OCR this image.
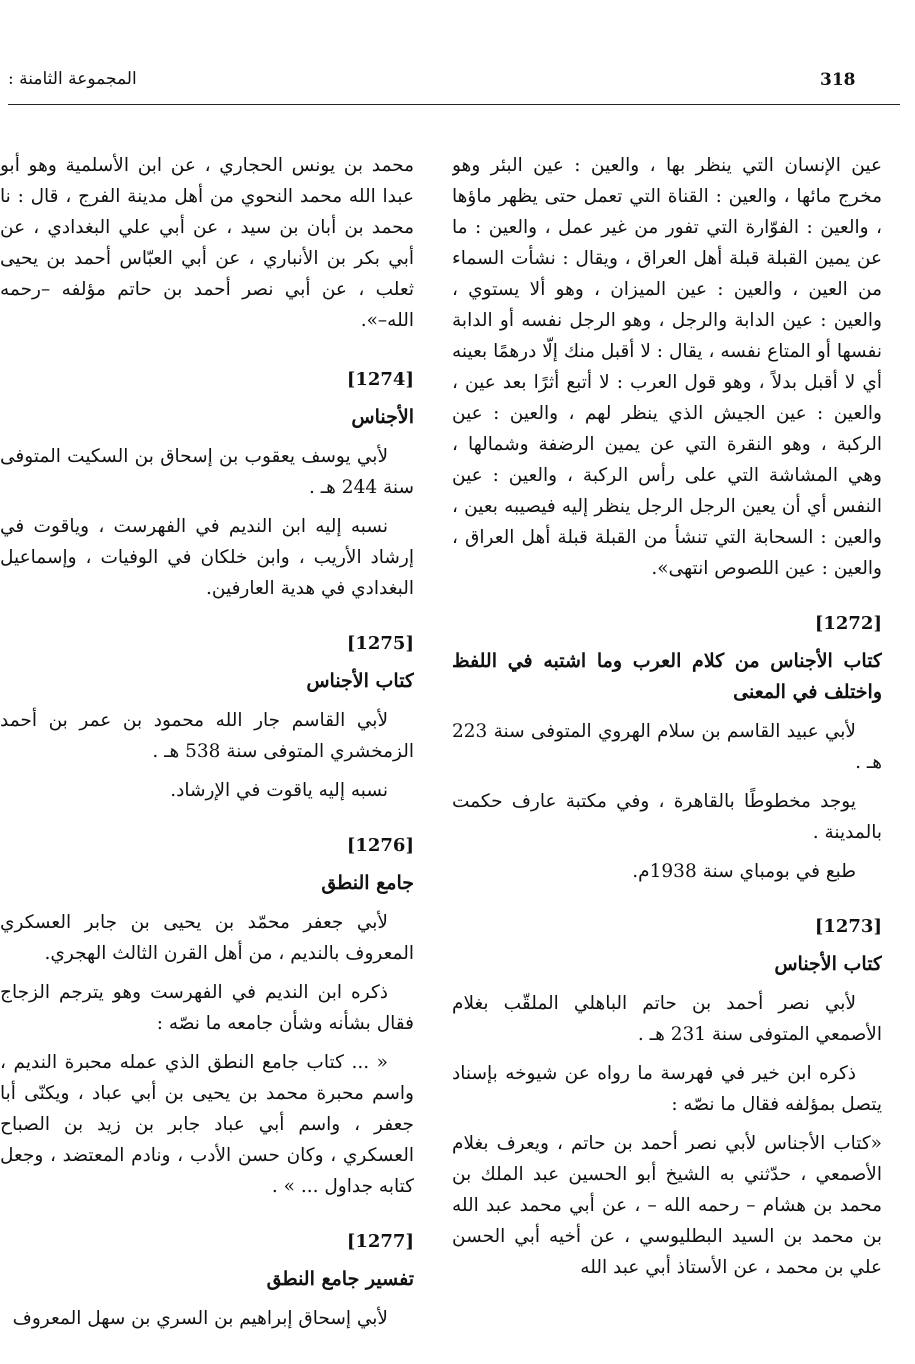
318
المجموعة الثامنة :

عين الإنسان التي ينظر بها ، والعين : عين البئر وهو مخرج مائها ، والعين : القناة التي تعمل حتى يظهر ماؤها ، والعين : الفوّارة التي تفور من غير عمل ، والعين : ما عن يمين القبلة قبلة أهل العراق ، ويقال : نشأت السماء من العين ، والعين : عين الميزان ، وهو ألا يستوي ، والعين : عين الدابة والرجل ، وهو الرجل نفسه أو الدابة نفسها أو المتاع نفسه ، يقال : لا أقبل منك إلّا درهمًا بعينه أي لا أقبل بدلاً ، وهو قول العرب : لا أتبع أثرًا بعد عين ، والعين : عين الجيش الذي ينظر لهم ، والعين : عين الركبة ، وهو النقرة التي عن يمين الرضفة وشمالها ، وهي المشاشة التي على رأس الركبة ، والعين : عين النفس أي أن يعين الرجل الرجل ينظر إليه فيصيبه بعين ، والعين : السحابة التي تنشأ من القبلة قبلة أهل العراق ، والعين : عين اللصوص انتهى».

[1272]

كتاب الأجناس من كلام العرب وما اشتبه في اللفظ واختلف في المعنى

لأبي عبيد القاسم بن سلام الهروي المتوفى سنة 223 هـ .

يوجد مخطوطًا بالقاهرة ، وفي مكتبة عارف حكمت بالمدينة .

طبع في بومباي سنة 1938م.

[1273]

كتاب الأجناس

لأبي نصر أحمد بن حاتم الباهلي الملقّب بغلام الأصمعي المتوفى سنة 231 هـ .

ذكره ابن خير في فهرسة ما رواه عن شيوخه بإسناد يتصل بمؤلفه فقال ما نصّه :

«كتاب الأجناس لأبي نصر أحمد بن حاتم ، ويعرف بغلام الأصمعي ، حدّثني به الشيخ أبو الحسين عبد الملك بن محمد بن هشام – رحمه الله – ، عن أبي محمد عبد الله بن محمد بن السيد البطليوسي ، عن أخيه أبي الحسن علي بن محمد ، عن الأستاذ أبي عبد الله

محمد بن يونس الحجاري ، عن ابن الأسلمية وهو أبو عبدا الله محمد النحوي من أهل مدينة الفرج ، قال : نا محمد بن أبان بن سيد ، عن أبي علي البغدادي ، عن أبي بكر بن الأنباري ، عن أبي العبّاس أحمد بن يحيى ثعلب ، عن أبي نصر أحمد بن حاتم مؤلفه –رحمه الله–».

[1274]

الأجناس

لأبي يوسف يعقوب بن إسحاق بن السكيت المتوفى سنة 244 هـ .

نسبه إليه ابن النديم في الفهرست ، وياقوت في إرشاد الأريب ، وابن خلكان في الوفيات ، وإسماعيل البغدادي في هدية العارفين.

[1275]

كتاب الأجناس

لأبي القاسم جار الله محمود بن عمر بن أحمد الزمخشري المتوفى سنة 538 هـ .

نسبه إليه ياقوت في الإرشاد.

[1276]

جامع النطق

لأبي جعفر محمّد بن يحيى بن جابر العسكري المعروف بالنديم ، من أهل القرن الثالث الهجري.

ذكره ابن النديم في الفهرست وهو يترجم الزجاج فقال بشأنه وشأن جامعه ما نصّه :

« ... كتاب جامع النطق الذي عمله محبرة النديم ، واسم محبرة محمد بن يحيى بن أبي عباد ، ويكنّى أبا جعفر ، واسم أبي عباد جابر بن زيد بن الصباح العسكري ، وكان حسن الأدب ، ونادم المعتضد ، وجعل كتابه جداول ... » .

[1277]

تفسير جامع النطق

لأبي إسحاق إبراهيم بن السري بن سهل المعروف
